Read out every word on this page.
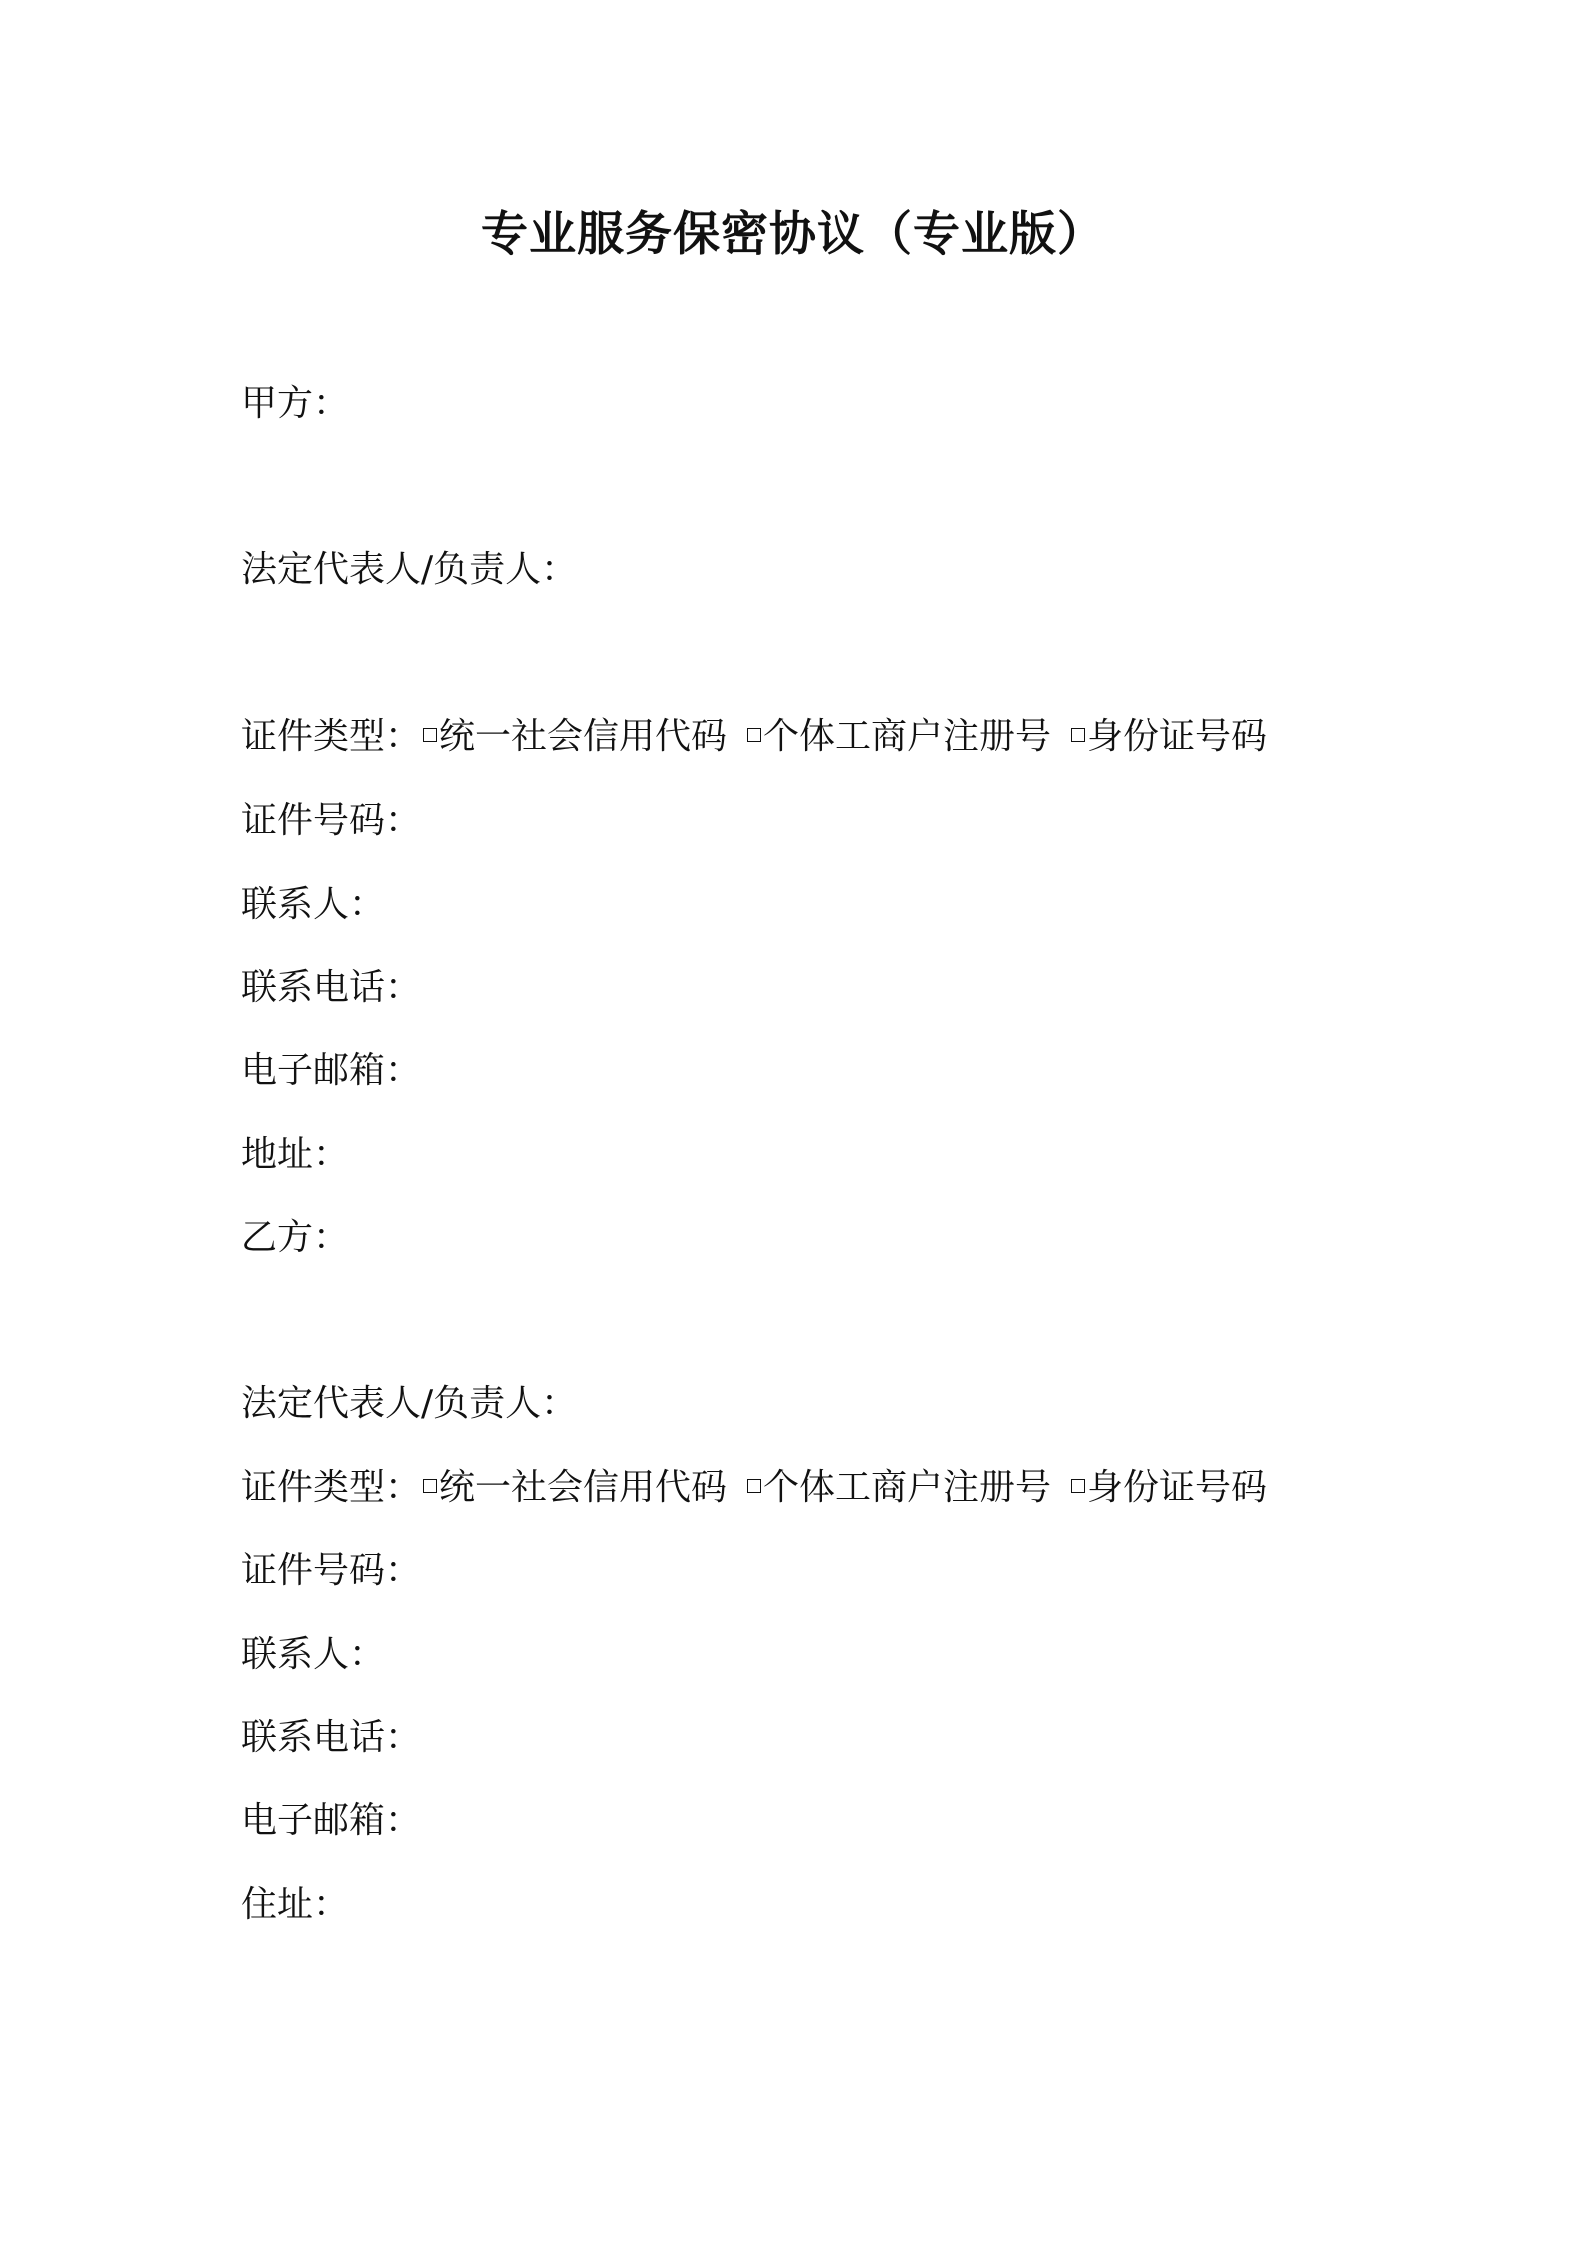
专业服务保密协议（专业版）
甲方：
法定代表人/负责人：
证件类型： 统一社会信用代码 个体工商户注册号 身份证号码
证件号码：
联系人：
联系电话：
电子邮箱：
地址：
乙方：
法定代表人/负责人：
证件类型： 统一社会信用代码 个体工商户注册号 身份证号码
证件号码：
联系人：
联系电话：
电子邮箱：
住址：
